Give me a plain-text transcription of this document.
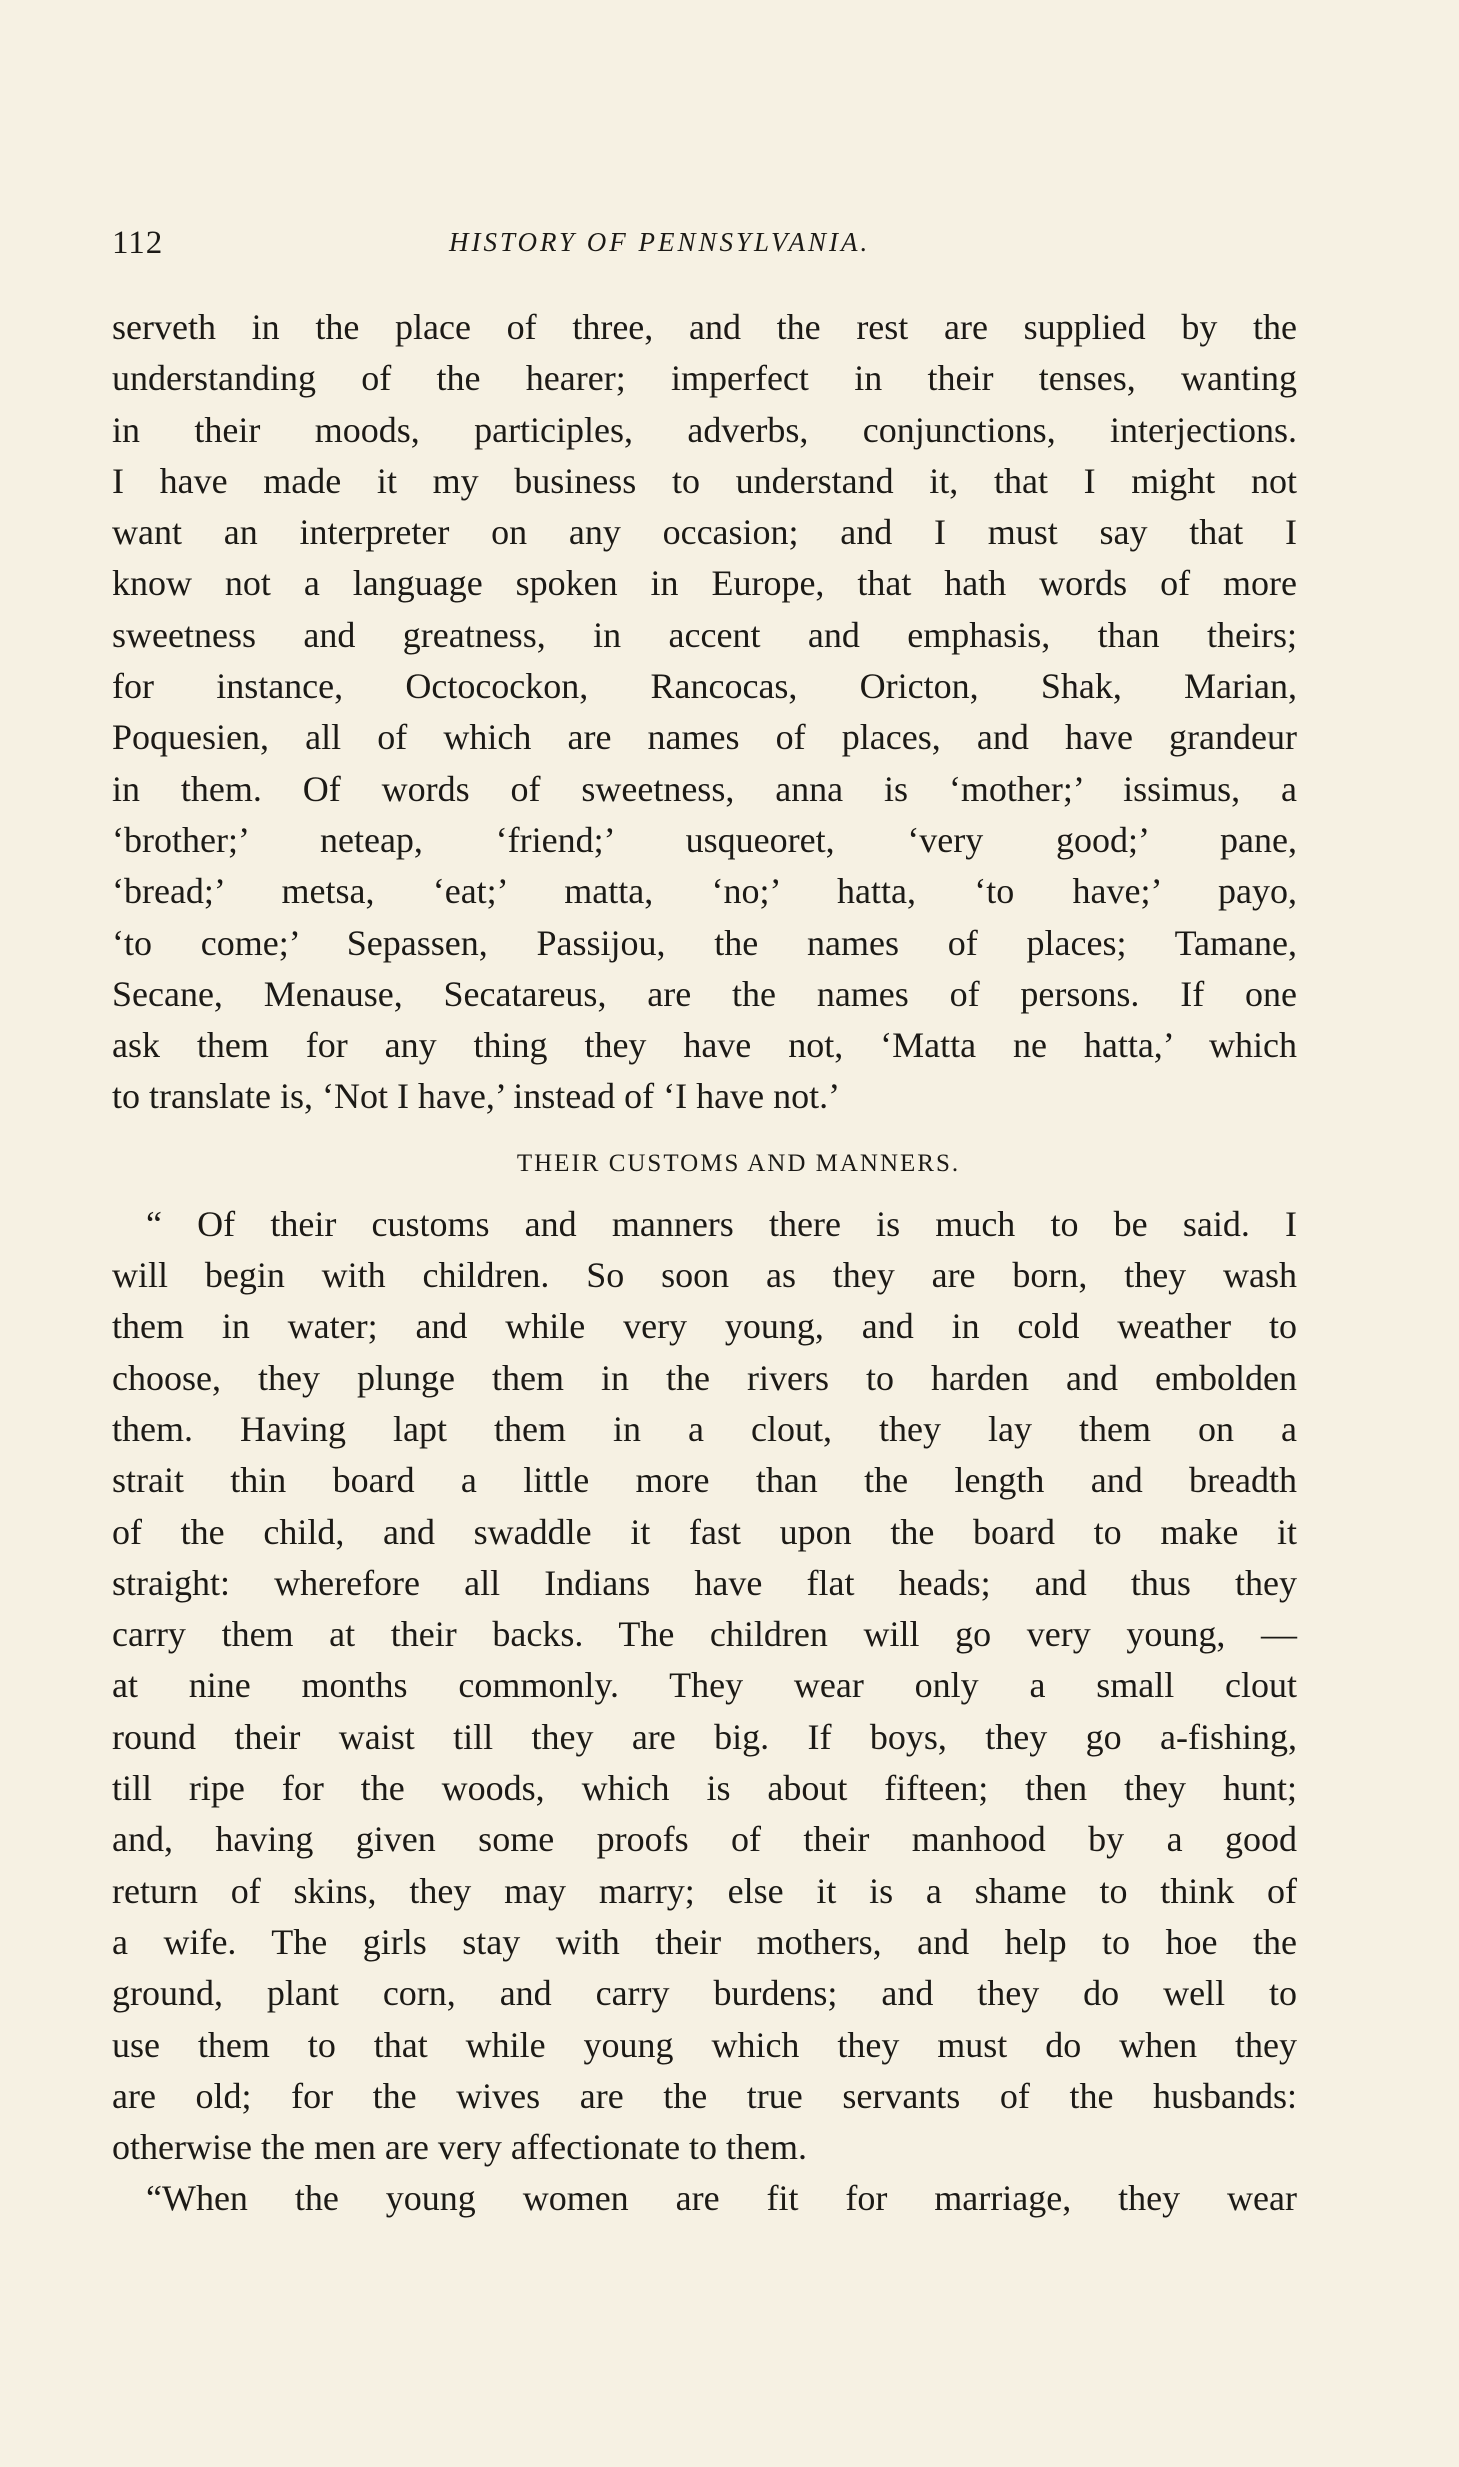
112	HISTORY OF PENNSYLVANIA.
serveth in the place of three, and the rest are supplied by the
understanding of the hearer; imperfect in their tenses, wanting
in their moods, participles, adverbs, conjunctions, interjections.
I have made it my business to understand it, that I might not
want an interpreter on any occasion; and I must say that I
know not a language spoken in Europe, that hath words of more
sweetness and greatness, in accent and emphasis, than theirs;
for instance, Octocockon, Rancocas, Oricton, Shak, Marian,
Poquesien, all of which are names of places, and have grandeur
in them. Of words of sweetness, anna is ‘mother;’ issimus, a
‘brother;’ neteap, ‘friend;’ usqueoret, ‘very good;’ pane,
‘bread;’ metsa, ‘eat;’ matta, ‘no;’ hatta, ‘to have;’ payo,
‘to come;’ Sepassen, Passijou, the names of places; Tamane,
Secane, Menause, Secatareus, are the names of persons. If one
ask them for any thing they have not, ‘Matta ne hatta,’ which
to translate is, ‘Not I have,’ instead of ‘I have not.’
THEIR CUSTOMS AND MANNERS.
“ Of their customs and manners there is much to be said. I
will begin with children. So soon as they are born, they wash
them in water; and while very young, and in cold weather to
choose, they plunge them in the rivers to harden and embolden
them. Having lapt them in a clout, they lay them on a
strait thin board a little more than the length and breadth
of the child, and swaddle it fast upon the board to make it
straight: wherefore all Indians have flat heads; and thus they
carry them at their backs. The children will go very young, —
at nine months commonly. They wear only a small clout
round their waist till they are big. If boys, they go a-fishing,
till ripe for the woods, which is about fifteen; then they hunt;
and, having given some proofs of their manhood by a good
return of skins, they may marry; else it is a shame to think of
a wife. The girls stay with their mothers, and help to hoe the
ground, plant corn, and carry burdens; and they do well to
use them to that while young which they must do when they
are old; for the wives are the true servants of the husbands:
otherwise the men are very affectionate to them.
“When the young women are fit for marriage, they wear
